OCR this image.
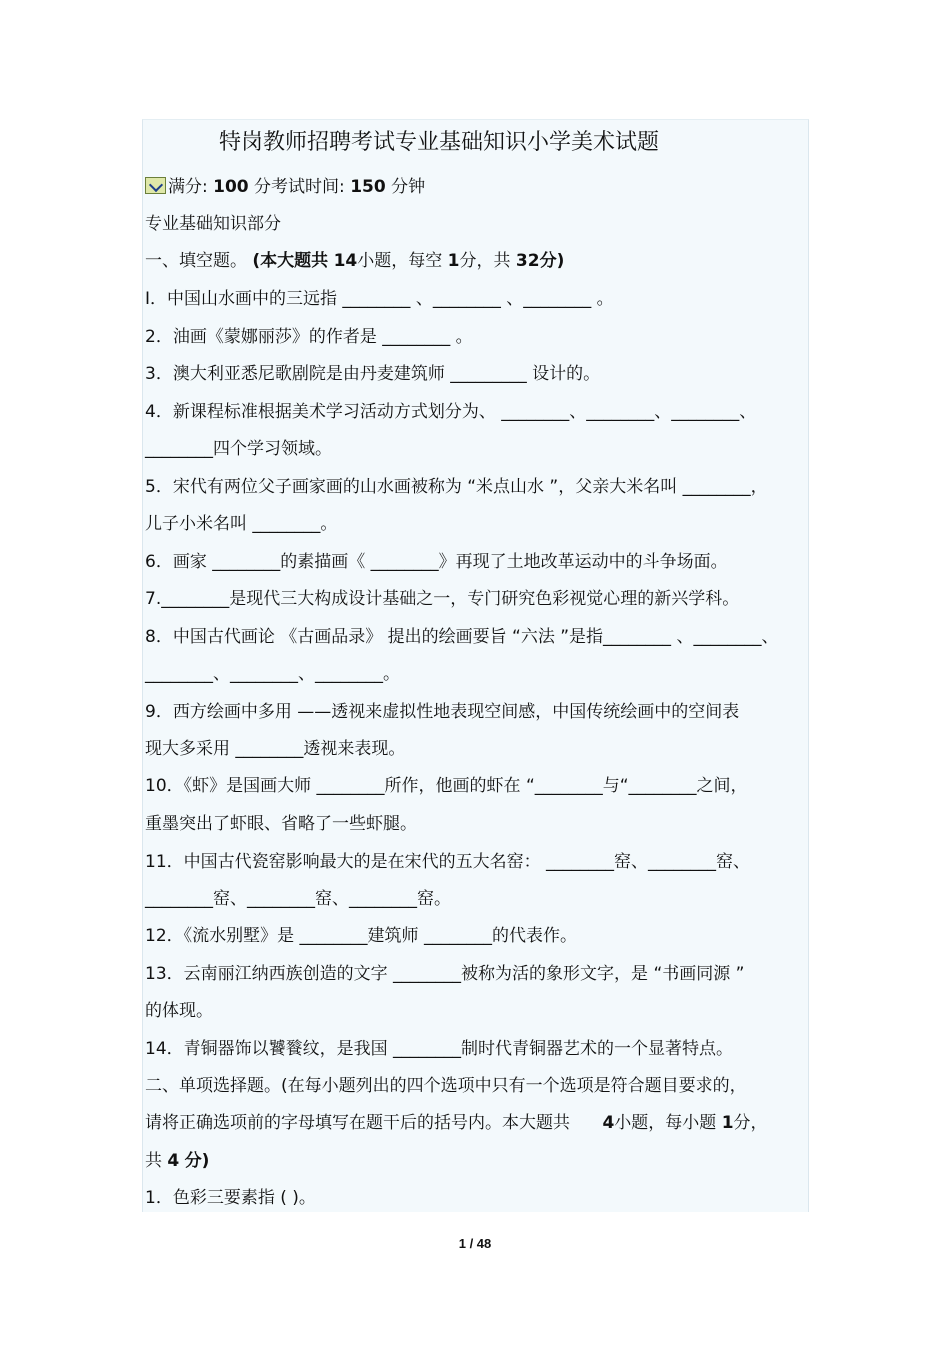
特岗教师招聘考试专业基础知识小学美术试题
满分: 100 分考试时间: 150 分钟
专业基础知识部分
一、填空题。 (本大题共 14小题，每空 1分，共 32分)
I．中国山水画中的三远指 ________ 、________ 、________ 。
2．油画《蒙娜丽莎》的作者是 ________ 。
3．澳大利亚悉尼歌剧院是由丹麦建筑师 _________ 设计的。
4．新课程标准根据美术学习活动方式划分为、 ________、________、________、
________四个学习领域。
5．宋代有两位父子画家画的山水画被称为 “米点山水 ”，父亲大米名叫 ________，
儿子小米名叫 ________。
6．画家 ________的素描画《 ________》再现了土地改革运动中的斗争场面。
7.________是现代三大构成设计基础之一，专门研究色彩视觉心理的新兴学科。
8．中国古代画论 《古画品录》 提出的绘画要旨 “六法 ”是指________ 、________、
________、________、________。
9．西方绘画中多用 ——透视来虚拟性地表现空间感，中国传统绘画中的空间表
现大多采用 ________透视来表现。
10．《虾》是国画大师 ________所作，他画的虾在 “________与“________之间，
重墨突出了虾眼、省略了一些虾腿。
11．中国古代瓷窑影响最大的是在宋代的五大名窑： ________窑、________窑、
________窑、________窑、________窑。
12．《流水别墅》是 ________建筑师 ________的代表作。
13．云南丽江纳西族创造的文字 ________被称为活的象形文字，是 “书画同源 ”
的体现。
14．青铜器饰以饕餮纹，是我国 ________制时代青铜器艺术的一个显著特点。
二、单项选择题。(在每小题列出的四个选项中只有一个选项是符合题目要求的，
请将正确选项前的字母填写在题干后的括号内。本大题共 4小题，每小题 1分，
共 4 分)
1．色彩三要素指 ( )。
1 / 48
